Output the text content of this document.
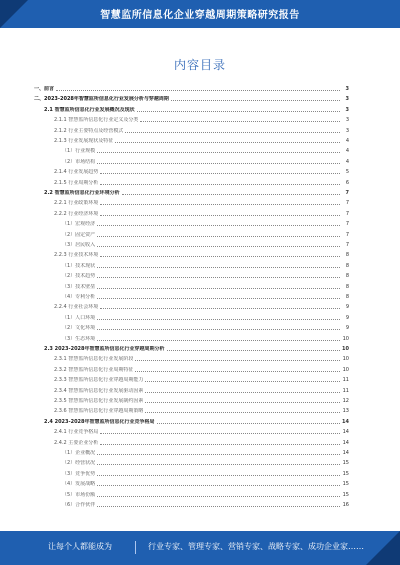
智慧监所信息化企业穿越周期策略研究报告
内容目录
一、前言	3
二、2023-2028年智慧监所信息化行业发展分析与穿越周期	3
2.1 智慧监所信息化行业发展概况及现状	3
2.1.1 智慧监所信息化行业定义及分类	3
2.1.2 行业主要特点及经营模式	3
2.1.3 行业发展现状及特征	4
（1）行业规模	4
（2）市场结构	4
2.1.4 行业发展趋势	5
2.1.5 行业周期分析	6
2.2 智慧监所信息化行业环境分析	7
2.2.1 行业政策环境	7
2.2.2 行业经济环境	7
（1）宏观经济	7
（2）固定资产	7
（3）居民收入	7
2.2.3 行业技术环境	8
（1）技术现状	8
（2）技术趋势	8
（3）技术壁垒	8
（4）专利分析	8
2.2.4 行业社会环境	9
（1）人口环境	9
（2）文化环境	9
（3）生态环境	10
2.3 2023-2028年智慧监所信息化行业穿越周期分析	10
2.3.1 智慧监所信息化行业发展阶段	10
2.3.2 智慧监所信息化行业周期特征	10
2.3.3 智慧监所信息化行业穿越周期能力	11
2.3.4 智慧监所信息化行业发展驱动因素	11
2.3.5 智慧监所信息化行业发展制约因素	12
2.3.6 智慧监所信息化行业穿越周期策略	13
2.4 2023-2028年智慧监所信息化行业竞争格局	14
2.4.1 行业竞争格局	14
2.4.2 主要企业分析	14
（1）企业概况	14
（2）经营状况	15
（3）竞争优势	15
（4）发展战略	15
（5）市场份额	15
（6）合作伙伴	16
让每个人都能成为	行业专家、管理专家、营销专家、战略专家、成功企业家……
